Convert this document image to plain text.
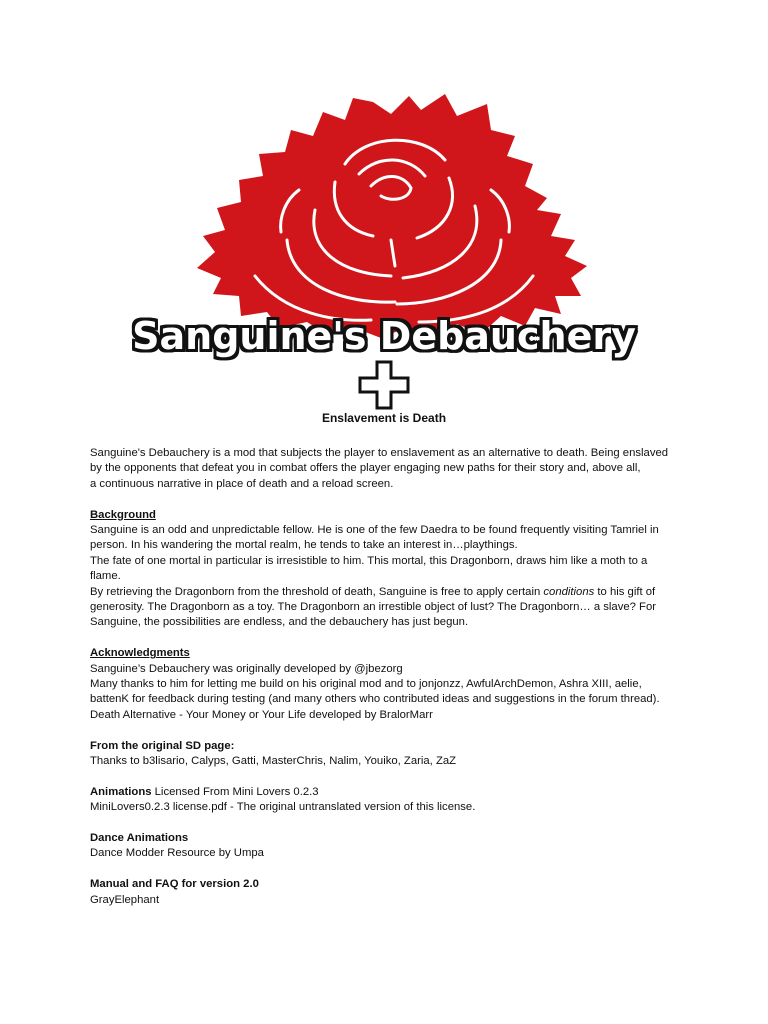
Sanguine's Debauchery
Enslavement is Death

Sanguine's Debauchery is a mod that subjects the player to enslavement as an alternative to death. Being enslaved

by the opponents that defeat you in combat offers the player engaging new paths for their story and, above all,

a continuous narrative in place of death and a reload screen.

Background

Sanguine is an odd and unpredictable fellow. He is one of the few Daedra to be found frequently visiting Tamriel in

person. In his wandering the mortal realm, he tends to take an interest in…playthings.

The fate of one mortal in particular is irresistible to him. This mortal, this Dragonborn, draws him like a moth to a

flame.

By retrieving the Dragonborn from the threshold of death, Sanguine is free to apply certain conditions to his gift of

generosity. The Dragonborn as a toy. The Dragonborn an irrestible object of lust? The Dragonborn… a slave? For

Sanguine, the possibilities are endless, and the debauchery has just begun.

Acknowledgments

Sanguine’s Debauchery was originally developed by @jbezorg

Many thanks to him for letting me build on his original mod and to jonjonzz, AwfulArchDemon, Ashra XIII, aelie,

battenK for feedback during testing (and many others who contributed ideas and suggestions in the forum thread).

Death Alternative - Your Money or Your Life developed by BralorMarr

From the original SD page:

Thanks to b3lisario, Calyps, Gatti, MasterChris, Nalim, Youiko, Zaria, ZaZ

Animations Licensed From Mini Lovers 0.2.3

MiniLovers0.2.3 license.pdf - The original untranslated version of this license.

Dance Animations

Dance Modder Resource by Umpa

Manual and FAQ for version 2.0

GrayElephant
